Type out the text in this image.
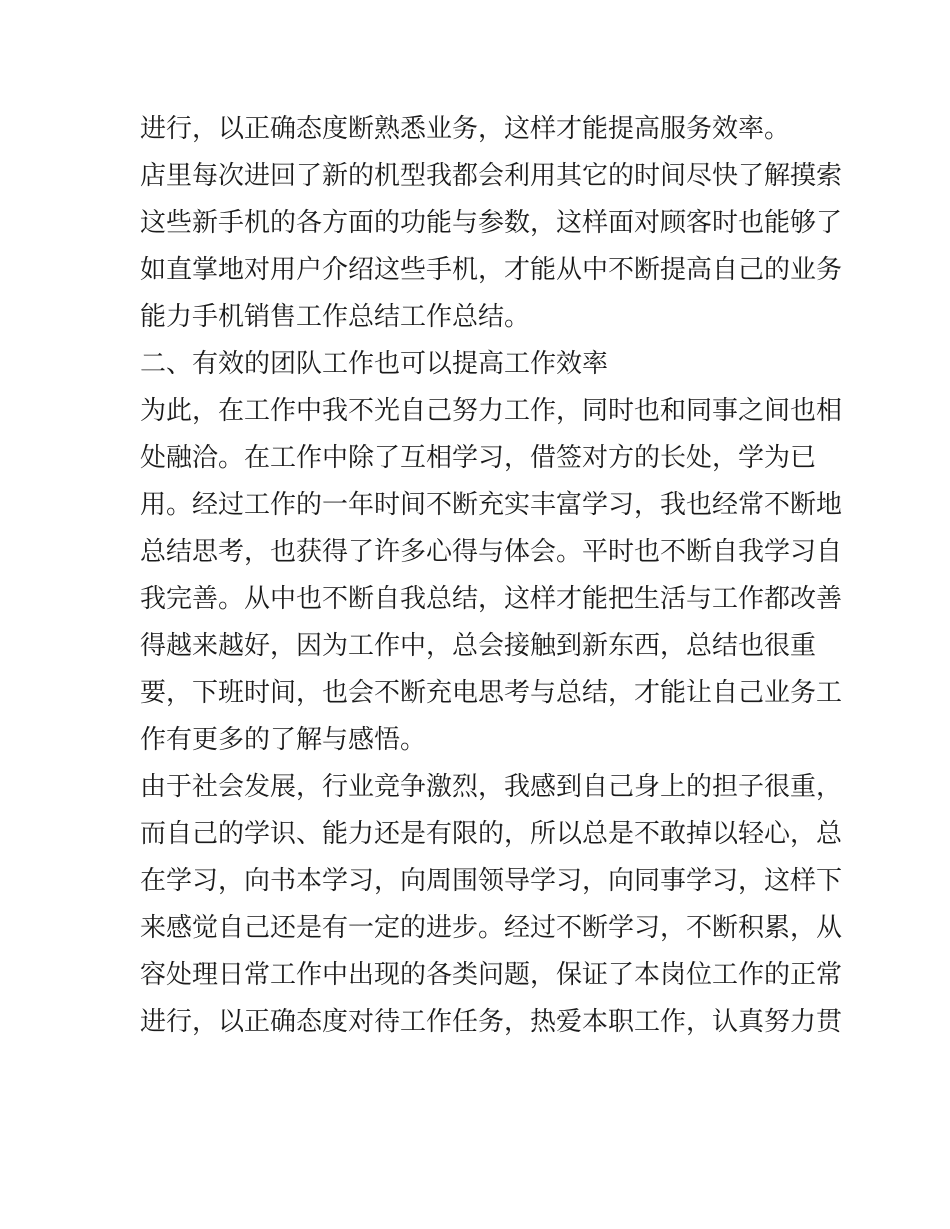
进行，以正确态度断熟悉业务，这样才能提高服务效率。
店里每次进回了新的机型我都会利用其它的时间尽快了解摸索
这些新手机的各方面的功能与参数，这样面对顾客时也能够了
如直掌地对用户介绍这些手机，才能从中不断提高自己的业务
能力手机销售工作总结工作总结。
二、有效的团队工作也可以提高工作效率
为此，在工作中我不光自己努力工作，同时也和同事之间也相
处融洽。在工作中除了互相学习，借签对方的长处，学为已
用。经过工作的一年时间不断充实丰富学习，我也经常不断地
总结思考，也获得了许多心得与体会。平时也不断自我学习自
我完善。从中也不断自我总结，这样才能把生活与工作都改善
得越来越好，因为工作中，总会接触到新东西，总结也很重
要，下班时间，也会不断充电思考与总结，才能让自己业务工
作有更多的了解与感悟。
由于社会发展，行业竞争激烈，我感到自己身上的担子很重，
而自己的学识、能力还是有限的，所以总是不敢掉以轻心，总
在学习，向书本学习，向周围领导学习，向同事学习，这样下
来感觉自己还是有一定的进步。经过不断学习，不断积累，从
容处理日常工作中出现的各类问题，保证了本岗位工作的正常
进行，以正确态度对待工作任务，热爱本职工作，认真努力贯
